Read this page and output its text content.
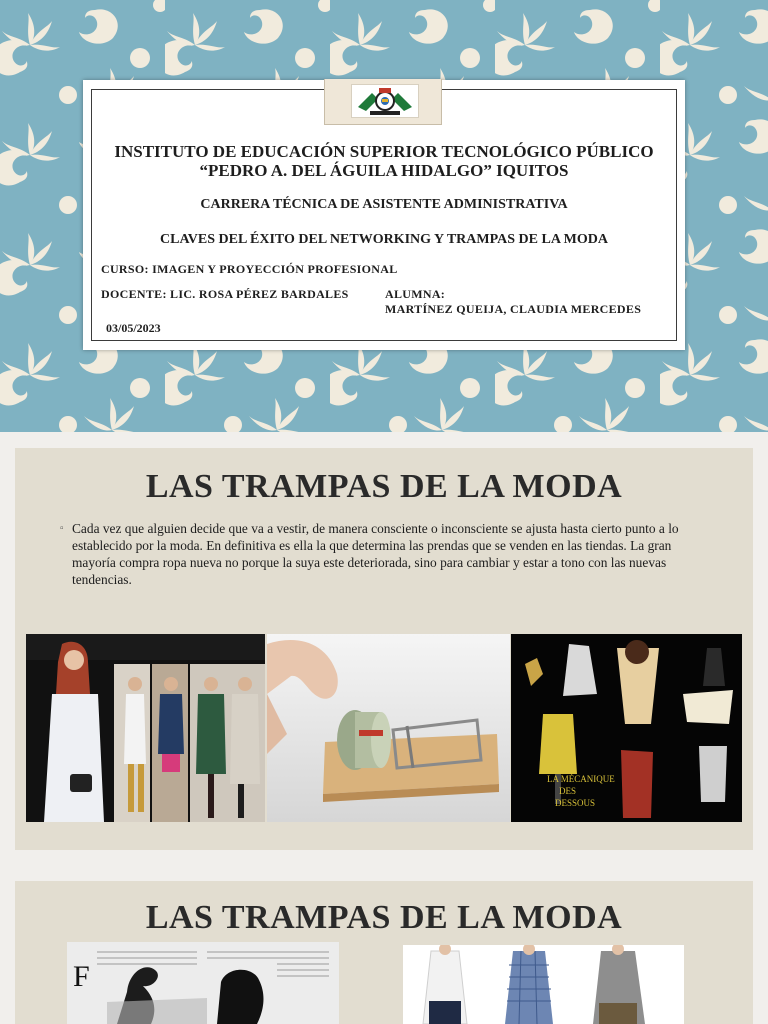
INSTITUTO DE EDUCACIÓN SUPERIOR TECNOLÓGICO PÚBLICO “PEDRO A. DEL ÁGUILA HIDALGO” IQUITOS
CARRERA TÉCNICA DE ASISTENTE ADMINISTRATIVA
CLAVES DEL ÉXITO DEL NETWORKING Y TRAMPAS DE LA MODA
CURSO: IMAGEN Y PROYECCIÓN PROFESIONAL
DOCENTE: LIC. ROSA PÉREZ BARDALES	ALUMNA:
MARTÍNEZ QUEIJA, CLAUDIA MERCEDES
03/05/2023
LAS TRAMPAS DE LA MODA
▫ Cada vez que alguien decide que va a vestir, de manera consciente o inconsciente se ajusta hasta cierto punto a lo establecido por la moda. En definitiva es ella la que determina las prendas que se venden en las tiendas. La gran mayoría compra ropa nueva no porque la suya este deteriorada, sino para cambiar y estar a tono con las nuevas tendencias.
LA MÉCANIQUE
DES
DESSOUS
LAS TRAMPAS DE LA MODA
F
